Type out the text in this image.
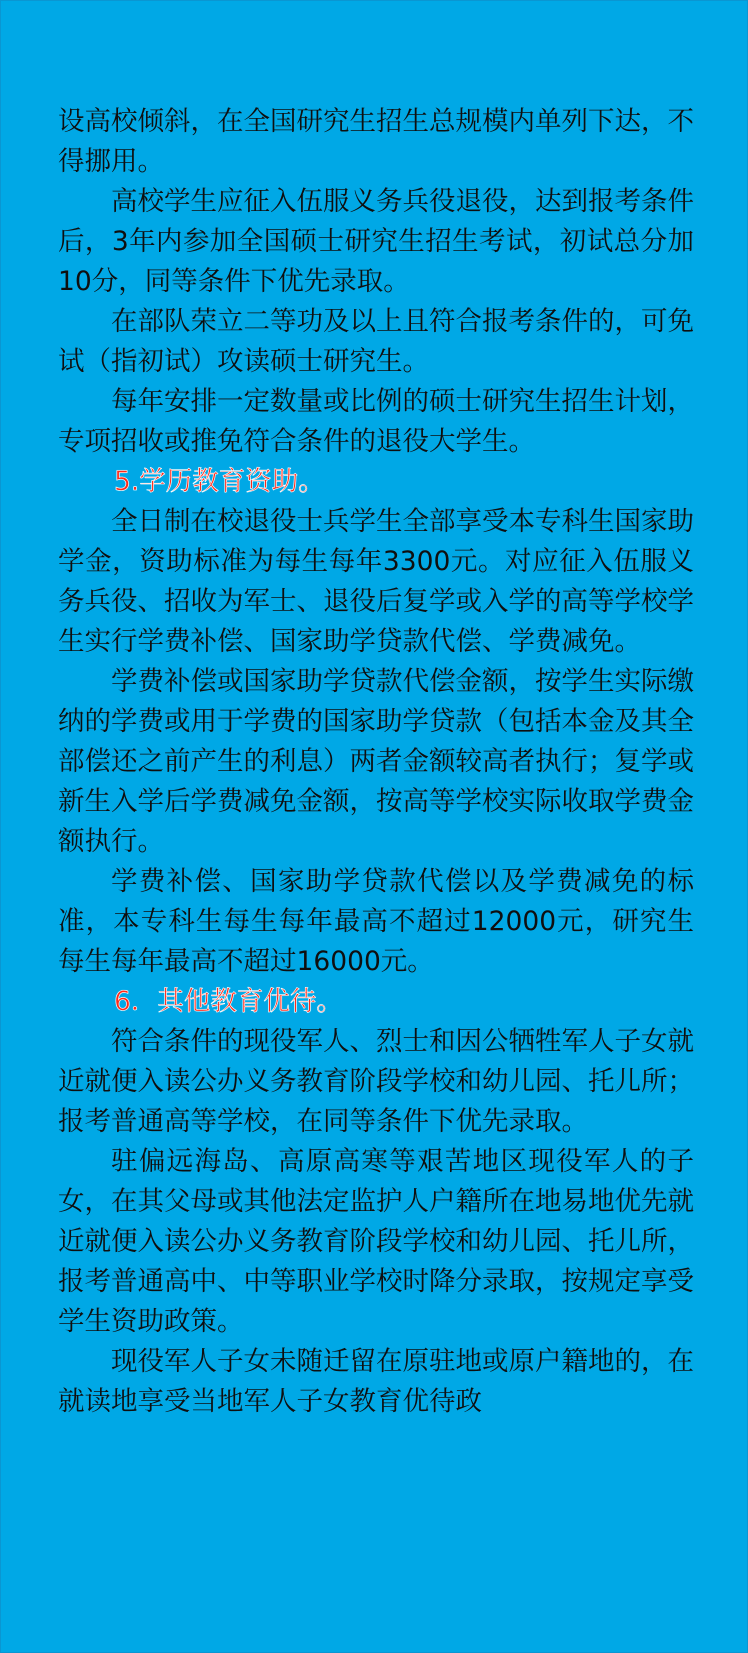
设高校倾斜，在全国研究生招生总规模内单列下达，不得挪用。

高校学生应征入伍服义务兵役退役，达到报考条件后，3年内参加全国硕士研究生招生考试，初试总分加10分，同等条件下优先录取。

在部队荣立二等功及以上且符合报考条件的，可免试（指初试）攻读硕士研究生。

每年安排一定数量或比例的硕士研究生招生计划，专项招收或推免符合条件的退役大学生。

5.学历教育资助。

全日制在校退役士兵学生全部享受本专科生国家助学金，资助标准为每生每年3300元。对应征入伍服义务兵役、招收为军士、退役后复学或入学的高等学校学生实行学费补偿、国家助学贷款代偿、学费减免。

学费补偿或国家助学贷款代偿金额，按学生实际缴纳的学费或用于学费的国家助学贷款（包括本金及其全部偿还之前产生的利息）两者金额较高者执行；复学或新生入学后学费减免金额，按高等学校实际收取学费金额执行。

学费补偿、国家助学贷款代偿以及学费减免的标准，本专科生每生每年最高不超过12000元，研究生每生每年最高不超过16000元。

6．其他教育优待。

符合条件的现役军人、烈士和因公牺牲军人子女就近就便入读公办义务教育阶段学校和幼儿园、托儿所；报考普通高等学校，在同等条件下优先录取。

驻偏远海岛、高原高寒等艰苦地区现役军人的子女，在其父母或其他法定监护人户籍所在地易地优先就近就便入读公办义务教育阶段学校和幼儿园、托儿所，报考普通高中、中等职业学校时降分录取，按规定享受学生资助政策。

现役军人子女未随迁留在原驻地或原户籍地的，在就读地享受当地军人子女教育优待政
